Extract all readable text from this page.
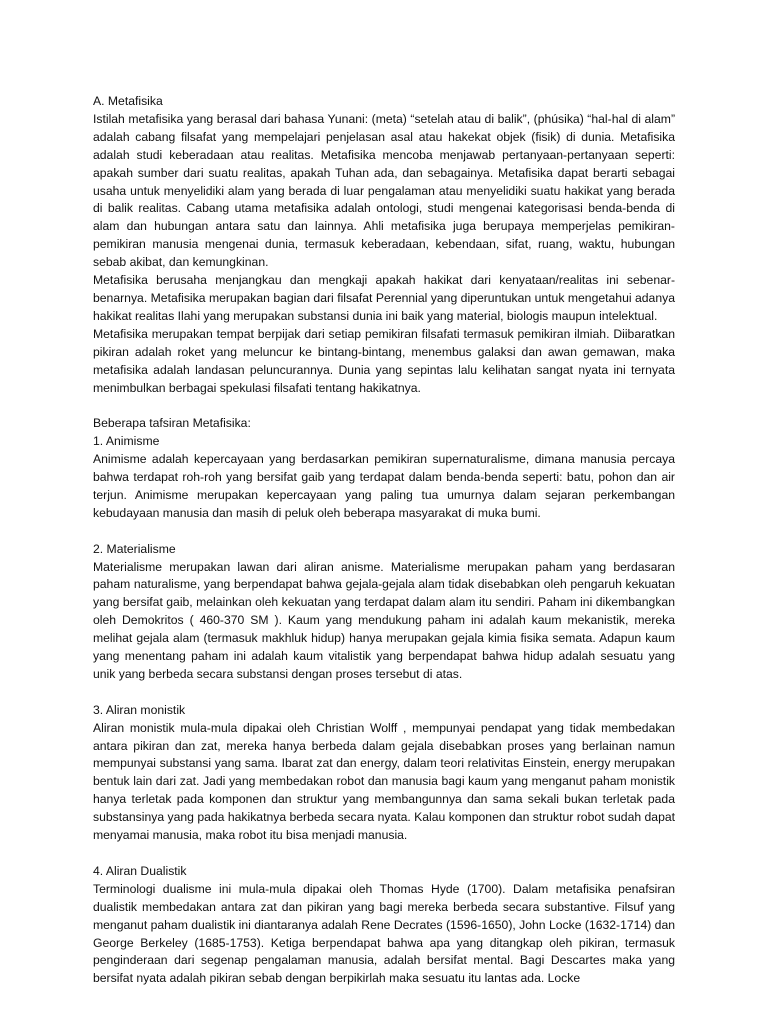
A. Metafisika

Istilah metafisika yang berasal dari bahasa Yunani: (meta) “setelah atau di balik”, (phúsika) “hal-hal di alam” adalah cabang filsafat yang mempelajari penjelasan asal atau hakekat objek (fisik) di dunia. Metafisika adalah studi keberadaan atau realitas. Metafisika mencoba menjawab pertanyaan-pertanyaan seperti: apakah sumber dari suatu realitas, apakah Tuhan ada, dan sebagainya. Metafisika dapat berarti sebagai usaha untuk menyelidiki alam yang berada di luar pengalaman atau menyelidiki suatu hakikat yang berada di balik realitas. Cabang utama metafisika adalah ontologi, studi mengenai kategorisasi benda-benda di alam dan hubungan antara satu dan lainnya. Ahli metafisika juga berupaya memperjelas pemikiran-pemikiran manusia mengenai dunia, termasuk keberadaan, kebendaan, sifat, ruang, waktu, hubungan sebab akibat, dan kemungkinan.

Metafisika berusaha menjangkau dan mengkaji apakah hakikat dari kenyataan/realitas ini sebenar-benarnya. Metafisika merupakan bagian dari filsafat Perennial yang diperuntukan untuk mengetahui adanya hakikat realitas Ilahi yang merupakan substansi dunia ini baik yang material, biologis maupun intelektual.

Metafisika merupakan tempat berpijak dari setiap pemikiran filsafati termasuk pemikiran ilmiah. Diibaratkan pikiran adalah roket yang meluncur ke bintang-bintang, menembus galaksi dan awan gemawan, maka metafisika adalah landasan peluncurannya. Dunia yang sepintas lalu kelihatan sangat nyata ini ternyata menimbulkan berbagai spekulasi filsafati tentang hakikatnya.

Beberapa tafsiran Metafisika:

1. Animisme

Animisme adalah kepercayaan yang berdasarkan pemikiran supernaturalisme, dimana manusia percaya bahwa terdapat roh-roh yang bersifat gaib yang terdapat dalam benda-benda seperti: batu, pohon dan air terjun. Animisme merupakan kepercayaan yang paling tua umurnya dalam sejaran perkembangan kebudayaan manusia dan masih di peluk oleh beberapa masyarakat di muka bumi.

2. Materialisme

Materialisme merupakan lawan dari aliran anisme. Materialisme merupakan paham yang berdasaran paham naturalisme, yang berpendapat bahwa gejala-gejala alam tidak disebabkan oleh pengaruh kekuatan yang bersifat gaib, melainkan oleh kekuatan yang terdapat dalam alam itu sendiri. Paham ini dikembangkan oleh Demokritos ( 460-370 SM ). Kaum yang mendukung paham ini adalah kaum mekanistik, mereka melihat gejala alam (termasuk makhluk hidup) hanya merupakan gejala kimia fisika semata. Adapun kaum yang menentang paham ini adalah kaum vitalistik yang berpendapat bahwa hidup adalah sesuatu yang unik yang berbeda secara substansi dengan proses tersebut di atas.

3. Aliran monistik

Aliran monistik mula-mula dipakai oleh Christian Wolff , mempunyai pendapat yang tidak membedakan antara pikiran dan zat, mereka hanya berbeda dalam gejala disebabkan proses yang berlainan namun mempunyai substansi yang sama. Ibarat zat dan energy, dalam teori relativitas Einstein, energy merupakan bentuk lain dari zat. Jadi yang membedakan robot dan manusia bagi kaum yang menganut paham monistik hanya terletak pada komponen dan struktur yang membangunnya dan sama sekali bukan terletak pada substansinya yang pada hakikatnya berbeda secara nyata. Kalau komponen dan struktur robot sudah dapat menyamai manusia, maka robot itu bisa menjadi manusia.

4. Aliran Dualistik

Terminologi dualisme ini mula-mula dipakai oleh Thomas Hyde (1700). Dalam metafisika penafsiran dualistik membedakan antara zat dan pikiran yang bagi mereka berbeda secara substantive. Filsuf yang menganut paham dualistik ini diantaranya adalah Rene Decrates (1596-1650), John Locke (1632-1714) dan George Berkeley (1685-1753). Ketiga berpendapat bahwa apa yang ditangkap oleh pikiran, termasuk penginderaan dari segenap pengalaman manusia, adalah bersifat mental. Bagi Descartes maka yang bersifat nyata adalah pikiran sebab dengan berpikirlah maka sesuatu itu lantas ada. Locke
